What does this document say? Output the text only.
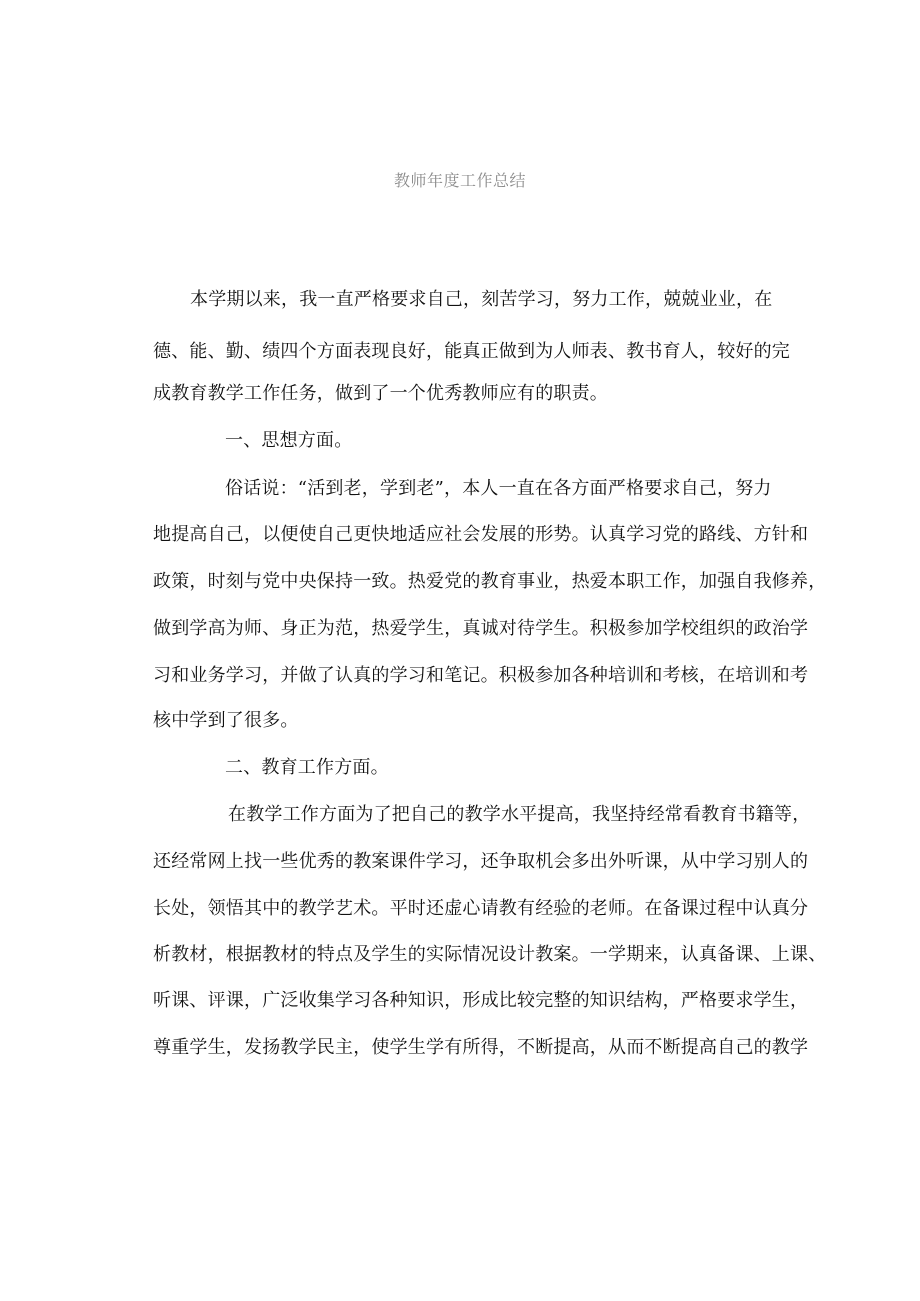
教师年度工作总结
本学期以来，我一直严格要求自己，刻苦学习，努力工作，兢兢业业，在
德、能、勤、绩四个方面表现良好，能真正做到为人师表、教书育人，较好的完
成教育教学工作任务，做到了一个优秀教师应有的职责。
一、思想方面。
俗话说：“活到老，学到老”，本人一直在各方面严格要求自己，努力
地提高自己，以便使自己更快地适应社会发展的形势。认真学习党的路线、方针和
政策，时刻与党中央保持一致。热爱党的教育事业，热爱本职工作，加强自我修养，
做到学高为师、身正为范，热爱学生，真诚对待学生。积极参加学校组织的政治学
习和业务学习，并做了认真的学习和笔记。积极参加各种培训和考核，在培训和考
核中学到了很多。
二、教育工作方面。
在教学工作方面为了把自己的教学水平提高，我坚持经常看教育书籍等，
还经常网上找一些优秀的教案课件学习，还争取机会多出外听课，从中学习别人的
长处，领悟其中的教学艺术。平时还虚心请教有经验的老师。在备课过程中认真分
析教材，根据教材的特点及学生的实际情况设计教案。一学期来，认真备课、上课、
听课、评课，广泛收集学习各种知识，形成比较完整的知识结构，严格要求学生，
尊重学生，发扬教学民主，使学生学有所得，不断提高，从而不断提高自己的教学
